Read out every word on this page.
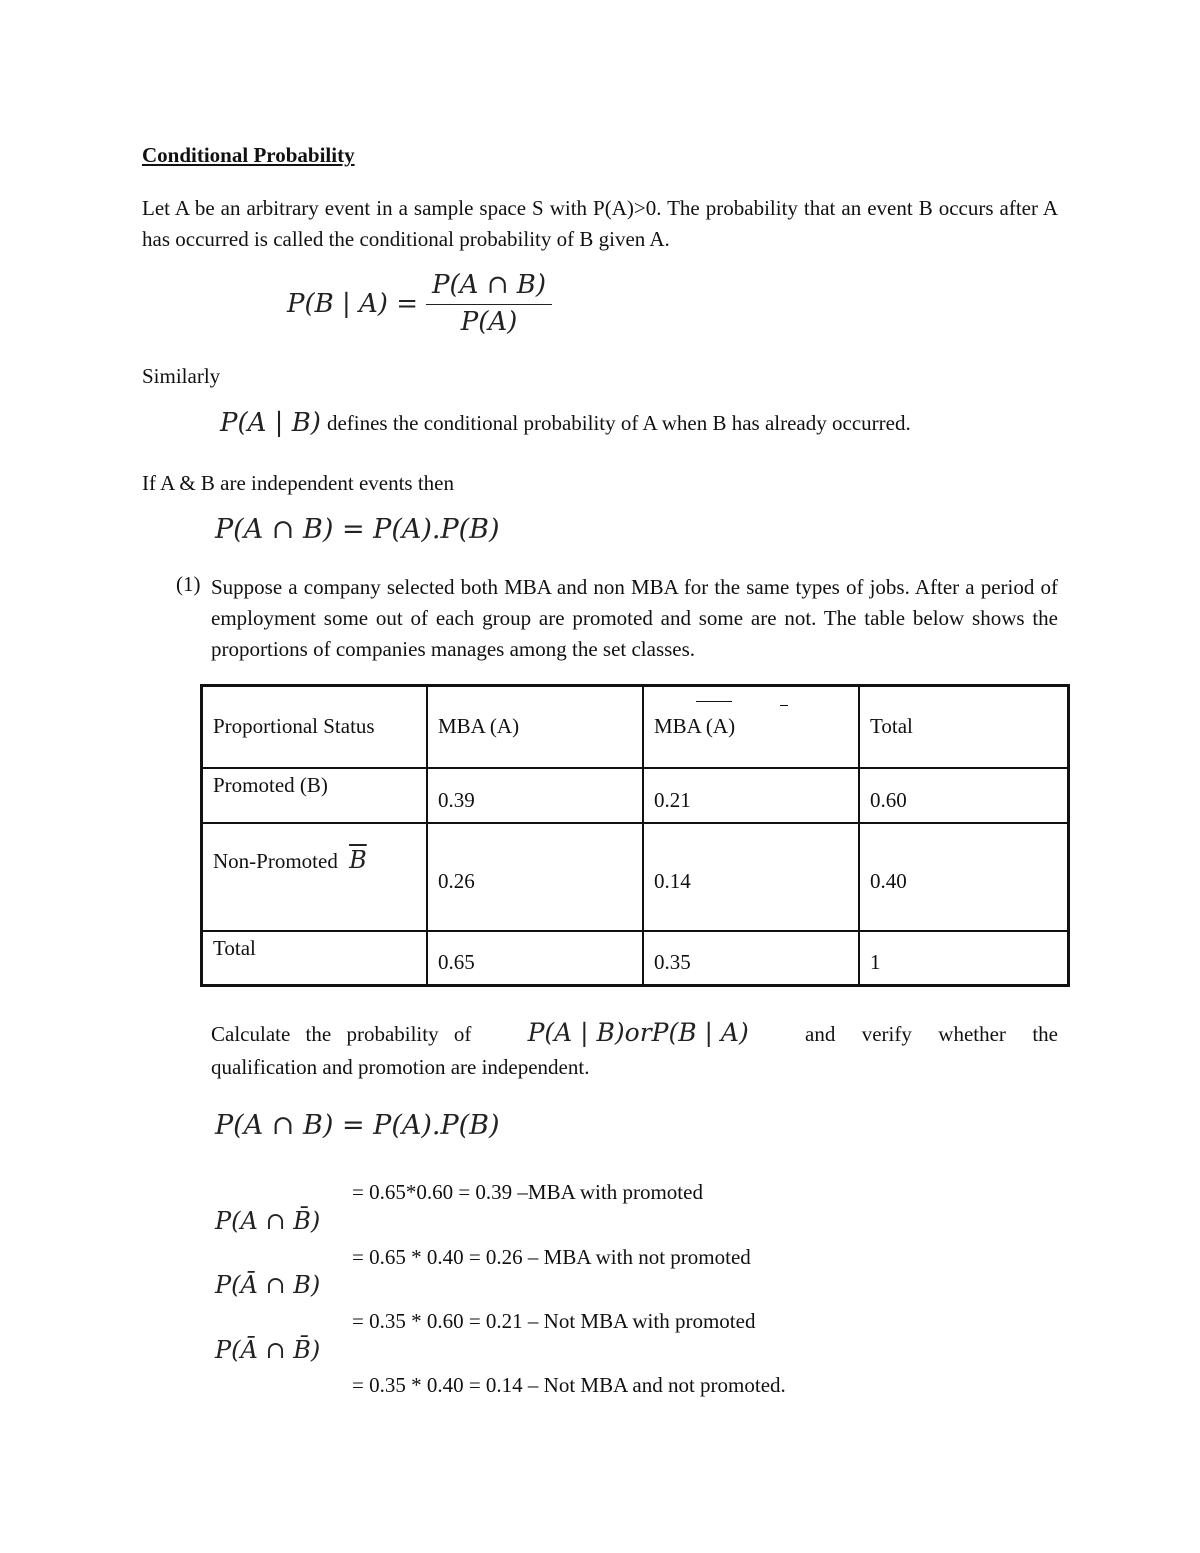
Conditional Probability
Let A be an arbitrary event in a sample space S with P(A)>0. The probability that an event B occurs after A has occurred is called the conditional probability of B given A.
P(B | $A) = \frac{P(A \cap B)}{P(A)}$
Similarly
P(A | B) defines the conditional probability of A when B has already occurred.
If A & B are independent events then
P(A ∩ B) = P(A).P(B)
(1) Suppose a company selected both MBA and non MBA for the same types of jobs. After a period of employment some out of each group are promoted and some are not. The table below shows the proportions of companies manages among the set classes.
Proportional Status	MBA (A)	MBA (A)	Total
Promoted (B)	0.39	0.21	0.60
Non-Promoted $\overline{B}$	0.26	0.14	0.40
Total	0.65	0.35	1
Calculate the probability of P(A | B)orP(B | A)	and verify whether the
qualification and promotion are independent.
P(A ∩ B) = P(A).P(B)
= 0.65*0.60 = 0.39 –MBA with promoted
P(A ∩ B̄)
= 0.65 * 0.40 = 0.26 – MBA with not promoted
P(Ā ∩ B)
= 0.35 * 0.60 = 0.21 – Not MBA with promoted
P(Ā ∩ B̄)
= 0.35 * 0.40 = 0.14 – Not MBA and not promoted.
